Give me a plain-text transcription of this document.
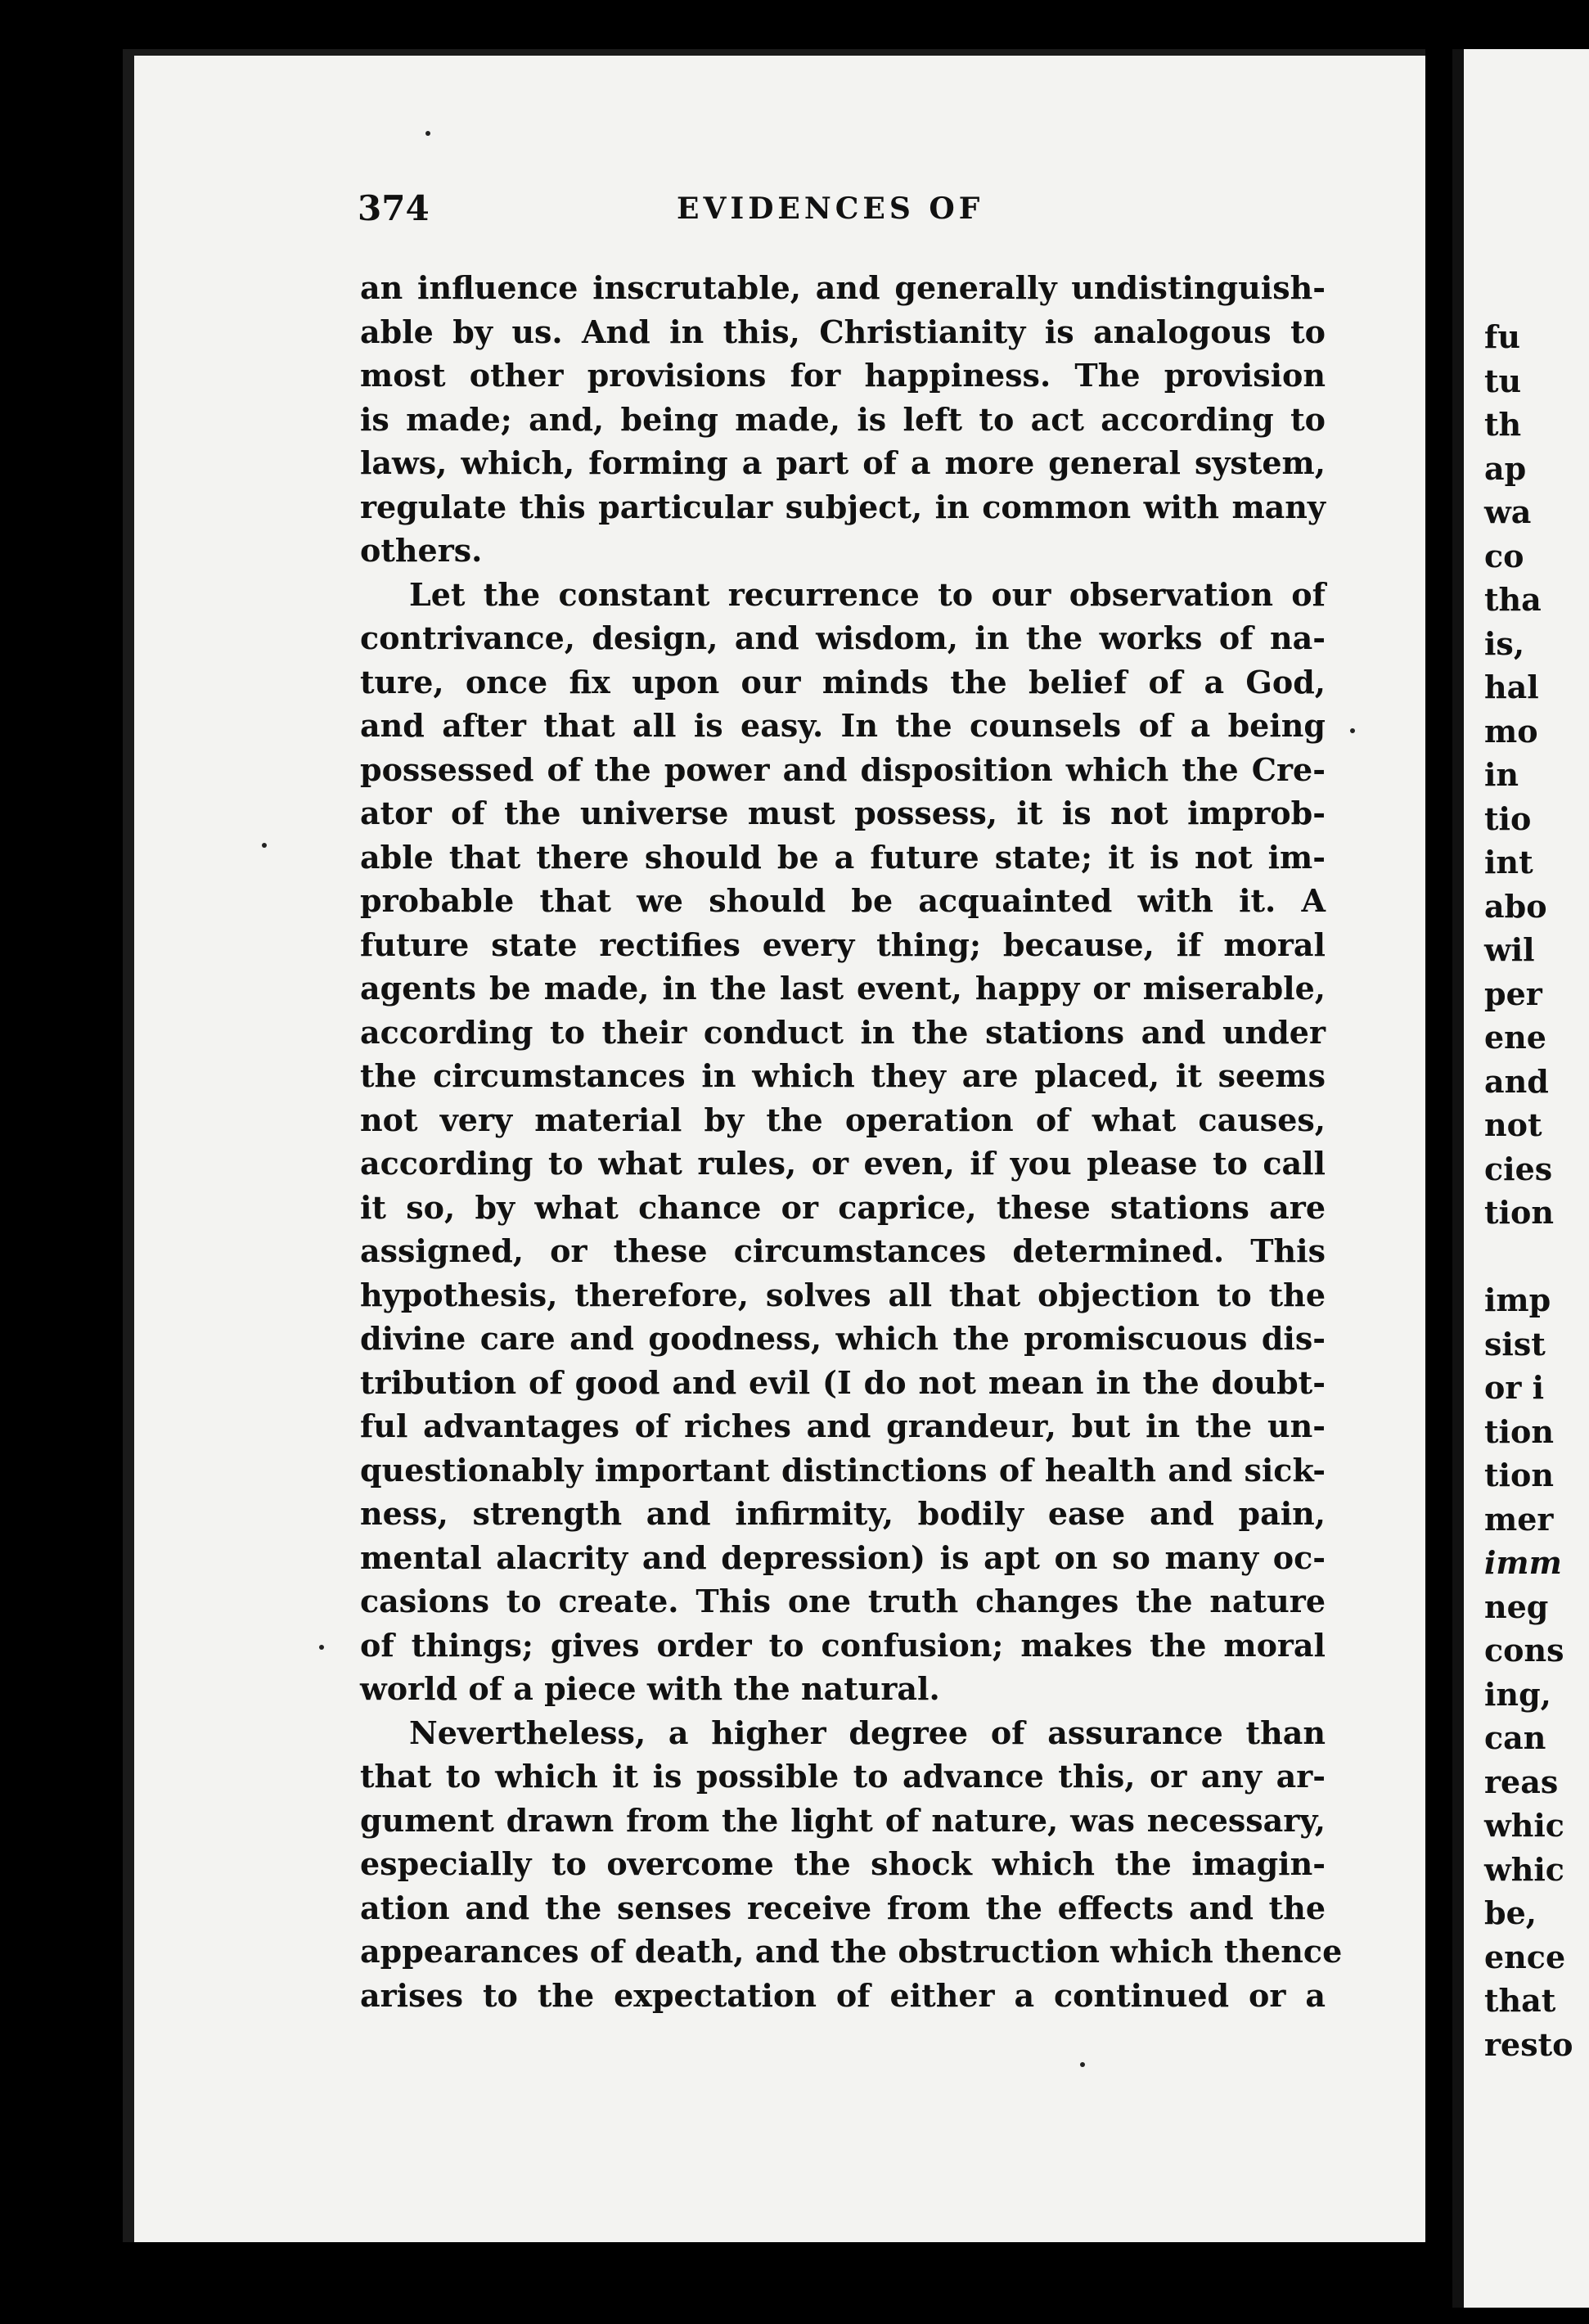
374	EVIDENCES OF
an influence inscrutable, and generally undistinguish-
able by us. And in this, Christianity is analogous to
most other provisions for happiness. The provision
is made; and, being made, is left to act according to
laws, which, forming a part of a more general system,
regulate this particular subject, in common with many
others.
Let the constant recurrence to our observation of
contrivance, design, and wisdom, in the works of na-
ture, once fix upon our minds the belief of a God,
and after that all is easy. In the counsels of a being
possessed of the power and disposition which the Cre-
ator of the universe must possess, it is not improb-
able that there should be a future state; it is not im-
probable that we should be acquainted with it. A
future state rectifies every thing; because, if moral
agents be made, in the last event, happy or miserable,
according to their conduct in the stations and under
the circumstances in which they are placed, it seems
not very material by the operation of what causes,
according to what rules, or even, if you please to call
it so, by what chance or caprice, these stations are
assigned, or these circumstances determined. This
hypothesis, therefore, solves all that objection to the
divine care and goodness, which the promiscuous dis-
tribution of good and evil (I do not mean in the doubt-
ful advantages of riches and grandeur, but in the un-
questionably important distinctions of health and sick-
ness, strength and infirmity, bodily ease and pain,
mental alacrity and depression) is apt on so many oc-
casions to create. This one truth changes the nature
of things; gives order to confusion; makes the moral
world of a piece with the natural.
Nevertheless, a higher degree of assurance than
that to which it is possible to advance this, or any ar-
gument drawn from the light of nature, was necessary,
especially to overcome the shock which the imagin-
ation and the senses receive from the effects and the
appearances of death, and the obstruction which thence
arises to the expectation of either a continued or a
fu
tu
th
ap
wa
co
tha
is,
hal
mo
in
tio
int
abo
wil
per
ene
and
not
cies
tion
imp
sist
or i
tion
tion
mer
imm
neg
cons
ing,
can
reas
whic
whic
be,
ence
that
resto
